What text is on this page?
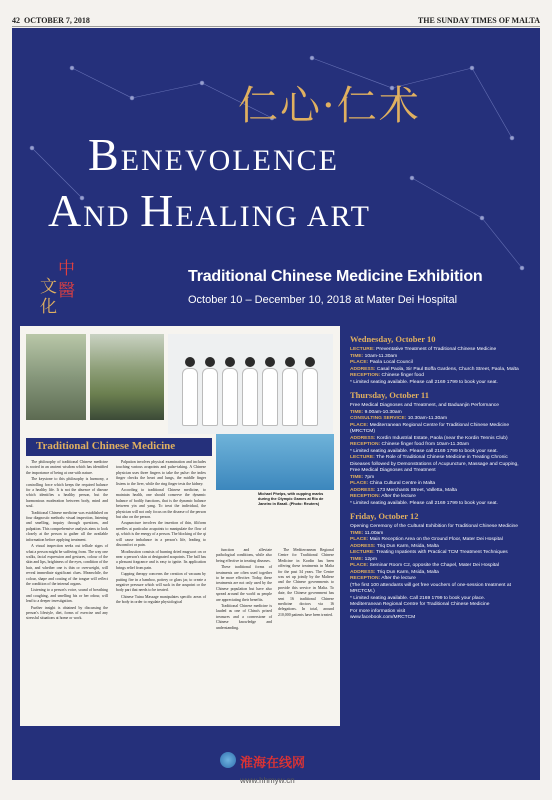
42 OCTOBER 7, 2018	THE SUNDAY TIMES OF MALTA
仁心·仁术
BENEVOLENCE
AND HEALING ART
中
文 醫
化
Traditional Chinese Medicine Exhibition
October 10 – December 10, 2018 at Mater Dei Hospital
Michael Phelps, with cupping marks during the Olympic Games at Rio de Janeiro in Brazil. (Photo: Reuters)
Traditional Chinese Medicine

The philosophy of traditional Chinese medicine is rooted in an ancient wisdom which has identified the importance of being at one with nature.

The keystone to this philosophy is harmony, a controlling force which keeps the required balance for a healthy life. It is not the absence of disease which identifies a healthy person, but the harmonious moderation between body, mind and soul.

Traditional Chinese medicine was established on four diagnostic methods: visual inspection, listening and smelling, inquiry through questions, and palpation. This comprehensive analysis aims to look closely at the person to gather all the available information before applying treatment.

A visual inspection seeks out telltale signs of what a person might be suffering from. The way one walks, facial expression and gestures, colour of the skin and lips, brightness of the eyes, condition of the hair, and whether one is thin or overweight, will reveal immediate significant clues. Meanwhile, the colour, shape and coating of the tongue will reflect the condition of the internal organs.

Listening to a person's voice, sound of breathing and coughing, and smelling his or her odour, will lead to a deeper investigation.

Further insight is obtained by discussing the person's lifestyle, diet, forms of exercise and any stressful situations at home or work.

Palpation involves physical examination and includes touching various acupoints and pulse-taking. A Chinese physician uses three fingers to take the pulse: the index finger checks the heart and lungs, the middle finger listens to the liver, while the ring finger tests the kidney.

According to traditional Chinese medicine, to maintain health, one should conserve the dynamic balance of bodily functions, that is the dynamic balance between yin and yang. To treat the individual, the physician will not only focus on the disease of the person but also on the person.

Acupuncture involves the insertion of thin, filiform needles at particular acupoints to manipulate the flow of qi, which is the energy of a person. The blocking of the qi will cause imbalance in a person's life, leading to discomfort or pain.

Moxibustion consists of burning dried mugwort on or near a person's skin at designated acupoints. The ball has a pleasant fragrance and is easy to ignite. Its application brings relief from pain.

Cupping therapy concerns the creation of vacuum by putting fire in a bamboo, pottery or glass jar, to create a negative pressure which will suck in the acupoint or the body part that needs to be treated.

Chinese Tuina Massage manipulates specific areas of the body in order to regulate physiological

function and alleviate pathological conditions, while also being effective in treating diseases.

These traditional forms of treatments are often used together to be more effective. Today, these treatments are not only used by the Chinese population but have also spread around the world as people are appreciating their benefits.

Traditional Chinese medicine is lauded as one of China's prized treasures and a cornerstone of Chinese knowledge and understanding.

The Mediterranean Regional Centre for Traditional Chinese Medicine in Kordin has been offering these treatments in Malta for the past 34 years. The Centre was set up jointly by the Maltese and the Chinese governments to provide this service in Malta. To date, the Chinese government has sent 16 traditional Chinese medicine doctors via 16 delegations. In total, around 210,000 patients have been treated.

Wednesday, October 10
LECTURE: Preventative Treatment of Traditional Chinese Medicine
TIME: 10am-11.30am
PLACE: Paola Local Council
ADDRESS: Casal Paola, Sir Paul Boffa Gardens, Church Street, Paola, Malta
RECEPTION: Chinese finger food
* Limited seating available. Please call 2169 1799 to book your seat.
Thursday, October 11
Free Medical Diagnoses and Treatment, and Baduanjin Performance
TIME: 9.00am-10.30am
CONSULTING SERVICE: 10.30am-11.30am
PLACE: Mediterranean Regional Centre for Traditional Chinese Medicine (MRCTCM)
ADDRESS: Kordin Industrial Estate, Paola (near the Kordin Tennis Club)
RECEPTION: Chinese finger food from 10am-11.30am
* Limited seating available. Please call 2169 1799 to book your seat.
LECTURE: The Role of Traditional Chinese Medicine in Treating Chronic Diseases followed by Demonstrations of Acupuncture, Massage and Cupping, Free Medical Diagnoses and Treatment
TIME: 7pm
PLACE: China Cultural Centre in Malta
ADDRESS: 173 Merchants Street, Valletta, Malta
RECEPTION: After the lecture
* Limited seating available. Please call 2169 1799 to book your seat.
Friday, October 12
Opening Ceremony of the Cultural Exhibition for Traditional Chinese Medicine
TIME: 11.00am
PLACE: Main Reception Area on the Ground Floor, Mater Dei Hospital
ADDRESS: Triq Dun Karm, Msida, Malta
LECTURE: Treating Inpatients with Practical TCM Treatment Techniques
TIME: 12pm
PLACE: Seminar Room C2, opposite the Chapel, Mater Dei Hospital
ADDRESS: Triq Dun Karm, Msida, Malta
RECEPTION: After the lecture
(The first 100 attendants will get free vouchers of one-session treatment at MRCTCM.)
* Limited seating available. Call 2169 1799 to book your place.
Mediterranean Regional Centre for Traditional Chinese Medicine
For more information visit
www.facebook.com/MRCTCM
淮海在线网
www.hhmyw.cn
